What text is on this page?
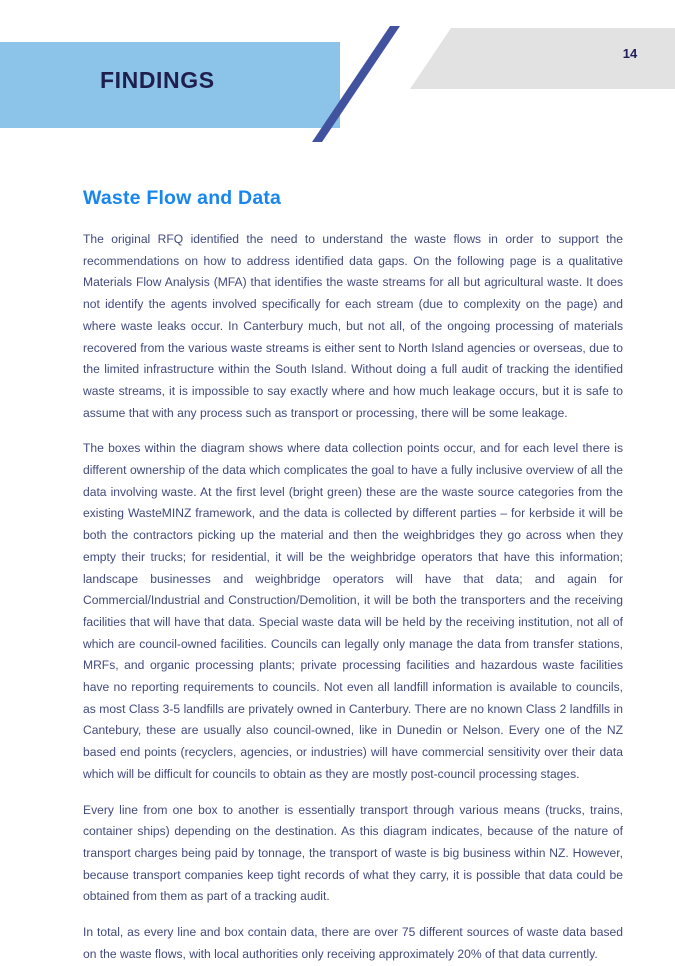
FINDINGS
14
Waste Flow and Data

The original RFQ identified the need to understand the waste flows in order to support the recommendations on how to address identified data gaps. On the following page is a qualitative Materials Flow Analysis (MFA) that identifies the waste streams for all but agricultural waste. It does not identify the agents involved specifically for each stream (due to complexity on the page) and where waste leaks occur. In Canterbury much, but not all, of the ongoing processing of materials recovered from the various waste streams is either sent to North Island agencies or overseas, due to the limited infrastructure within the South Island. Without doing a full audit of tracking the identified waste streams, it is impossible to say exactly where and how much leakage occurs, but it is safe to assume that with any process such as transport or processing, there will be some leakage.

The boxes within the diagram shows where data collection points occur, and for each level there is different ownership of the data which complicates the goal to have a fully inclusive overview of all the data involving waste. At the first level (bright green) these are the waste source categories from the existing WasteMINZ framework, and the data is collected by different parties – for kerbside it will be both the contractors picking up the material and then the weighbridges they go across when they empty their trucks; for residential, it will be the weighbridge operators that have this information; landscape businesses and weighbridge operators will have that data; and again for Commercial/Industrial and Construction/Demolition, it will be both the transporters and the receiving facilities that will have that data. Special waste data will be held by the receiving institution, not all of which are council-owned facilities. Councils can legally only manage the data from transfer stations, MRFs, and organic processing plants; private processing facilities and hazardous waste facilities have no reporting requirements to councils. Not even all landfill information is available to councils, as most Class 3-5 landfills are privately owned in Canterbury. There are no known Class 2 landfills in Cantebury, these are usually also council-owned, like in Dunedin or Nelson. Every one of the NZ based end points (recyclers, agencies, or industries) will have commercial sensitivity over their data which will be difficult for councils to obtain as they are mostly post-council processing stages.

Every line from one box to another is essentially transport through various means (trucks, trains, container ships) depending on the destination. As this diagram indicates, because of the nature of transport charges being paid by tonnage, the transport of waste is big business within NZ. However, because transport companies keep tight records of what they carry, it is possible that data could be obtained from them as part of a tracking audit.

In total, as every line and box contain data, there are over 75 different sources of waste data based on the waste flows, with local authorities only receiving approximately 20% of that data currently.
